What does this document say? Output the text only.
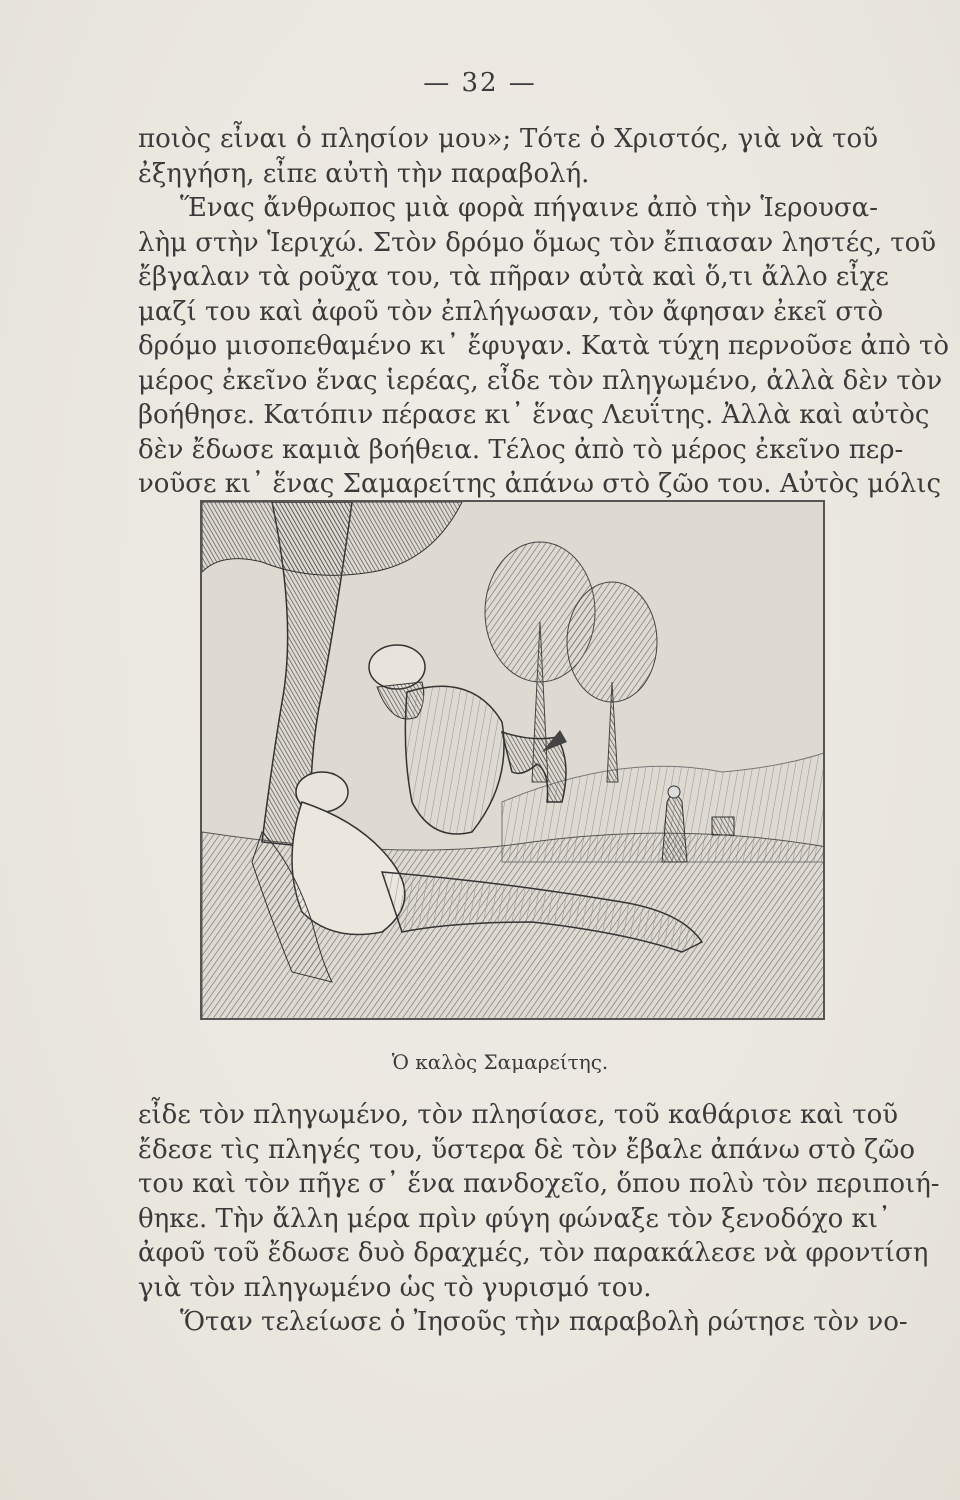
— 32 —
ποιὸς εἶναι ὁ πλησίον μου»; Τότε ὁ Χριστός, γιὰ νὰ τοῦ
ἐξηγήση, εἶπε αὐτὴ τὴν παραβολή.
Ἕνας ἄνθρωπος μιὰ φορὰ πήγαινε ἀπὸ τὴν Ἱερουσα-
λὴμ στὴν Ἱεριχώ. Στὸν δρόμο ὅμως τὸν ἔπιασαν ληστές, τοῦ
ἔβγαλαν τὰ ροῦχα του, τὰ πῆραν αὐτὰ καὶ ὅ,τι ἄλλο εἶχε
μαζί του καὶ ἀφοῦ τὸν ἐπλήγωσαν, τὸν ἄφησαν ἐκεῖ στὸ
δρόμο μισοπεθαμένο κι᾿ ἔφυγαν. Κατὰ τύχη περνοῦσε ἀπὸ τὸ
μέρος ἐκεῖνο ἕνας ἱερέας, εἶδε τὸν πληγωμένο, ἀλλὰ δὲν τὸν
βοήθησε. Κατόπιν πέρασε κι᾿ ἕνας Λευΐτης. Ἀλλὰ καὶ αὐτὸς
δὲν ἔδωσε καμιὰ βοήθεια. Τέλος ἀπὸ τὸ μέρος ἐκεῖνο περ-
νοῦσε κι᾿ ἕνας Σαμαρείτης ἀπάνω στὸ ζῶο του. Αὐτὸς μόλις
Ὁ καλὸς Σαμαρείτης.
εἶδε τὸν πληγωμένο, τὸν πλησίασε, τοῦ καθάρισε καὶ τοῦ
ἔδεσε τὶς πληγές του, ὕστερα δὲ τὸν ἔβαλε ἀπάνω στὸ ζῶο
του καὶ τὸν πῆγε σ᾿ ἕνα πανδοχεῖο, ὅπου πολὺ τὸν περιποιή-
θηκε. Τὴν ἄλλη μέρα πρὶν φύγη φώναξε τὸν ξενοδόχο κι᾿
ἀφοῦ τοῦ ἔδωσε δυὸ δραχμές, τὸν παρακάλεσε νὰ φροντίση
γιὰ τὸν πληγωμένο ὡς τὸ γυρισμό του.
Ὅταν τελείωσε ὁ Ἰησοῦς τὴν παραβολὴ ρώτησε τὸν νο-
